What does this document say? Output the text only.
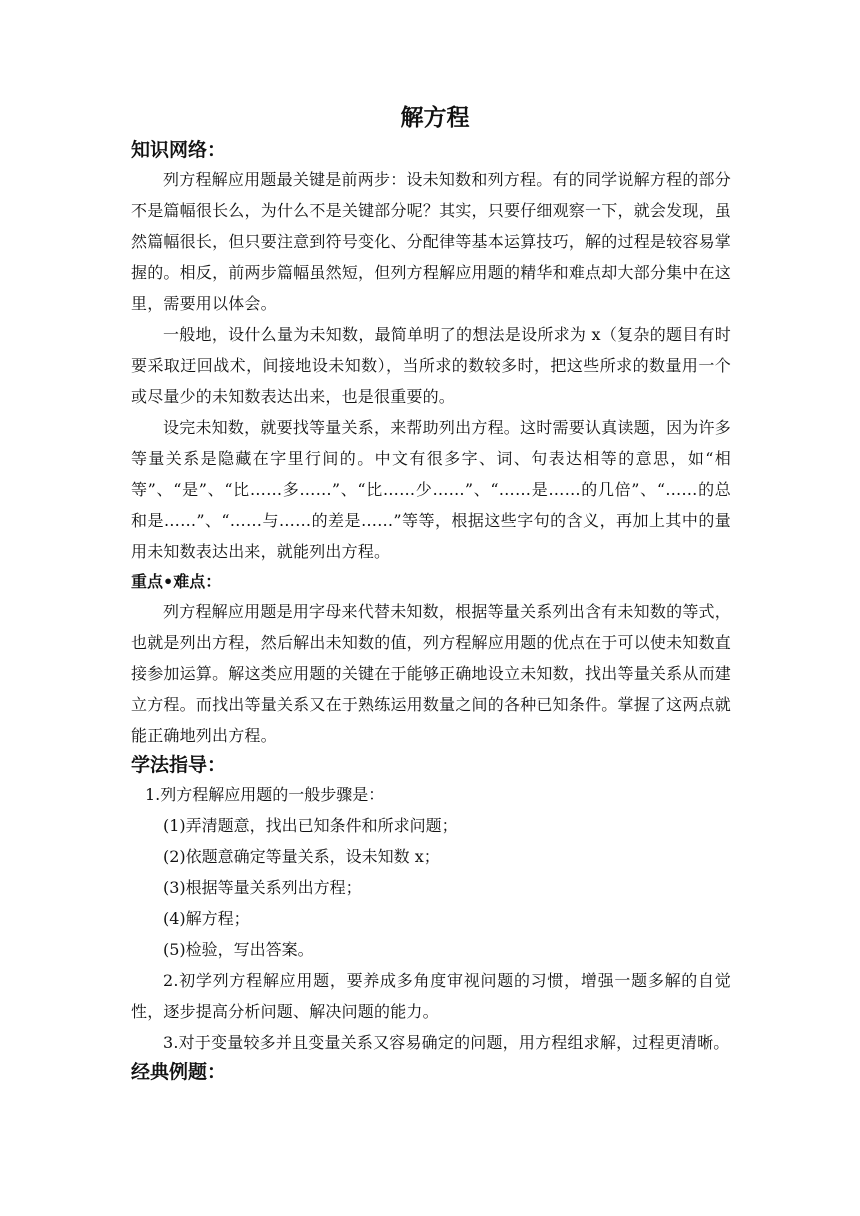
解方程
知识网络：

列方程解应用题最关键是前两步：设未知数和列方程。有的同学说解方程的部分不是篇幅很长么，为什么不是关键部分呢？其实，只要仔细观察一下，就会发现，虽然篇幅很长，但只要注意到符号变化、分配律等基本运算技巧，解的过程是较容易掌握的。相反，前两步篇幅虽然短，但列方程解应用题的精华和难点却大部分集中在这里，需要用以体会。

一般地，设什么量为未知数，最简单明了的想法是设所求为 x（复杂的题目有时要采取迂回战术，间接地设未知数），当所求的数较多时，把这些所求的数量用一个或尽量少的未知数表达出来，也是很重要的。

设完未知数，就要找等量关系，来帮助列出方程。这时需要认真读题，因为许多等量关系是隐藏在字里行间的。中文有很多字、词、句表达相等的意思，如“相等”、“是”、“比……多……”、“比……少……”、“……是……的几倍”、“……的总和是……”、“……与……的差是……”等等，根据这些字句的含义，再加上其中的量用未知数表达出来，就能列出方程。

重点•难点：

列方程解应用题是用字母来代替未知数，根据等量关系列出含有未知数的等式，也就是列出方程，然后解出未知数的值，列方程解应用题的优点在于可以使未知数直接参加运算。解这类应用题的关键在于能够正确地设立未知数，找出等量关系从而建立方程。而找出等量关系又在于熟练运用数量之间的各种已知条件。掌握了这两点就能正确地列出方程。

学法指导：

1.列方程解应用题的一般步骤是：

(1)弄清题意，找出已知条件和所求问题；

(2)依题意确定等量关系，设未知数 x；

(3)根据等量关系列出方程；

(4)解方程；

(5)检验，写出答案。

2.初学列方程解应用题，要养成多角度审视问题的习惯，增强一题多解的自觉性，逐步提高分析问题、解决问题的能力。

3.对于变量较多并且变量关系又容易确定的问题，用方程组求解，过程更清晰。

经典例题：
